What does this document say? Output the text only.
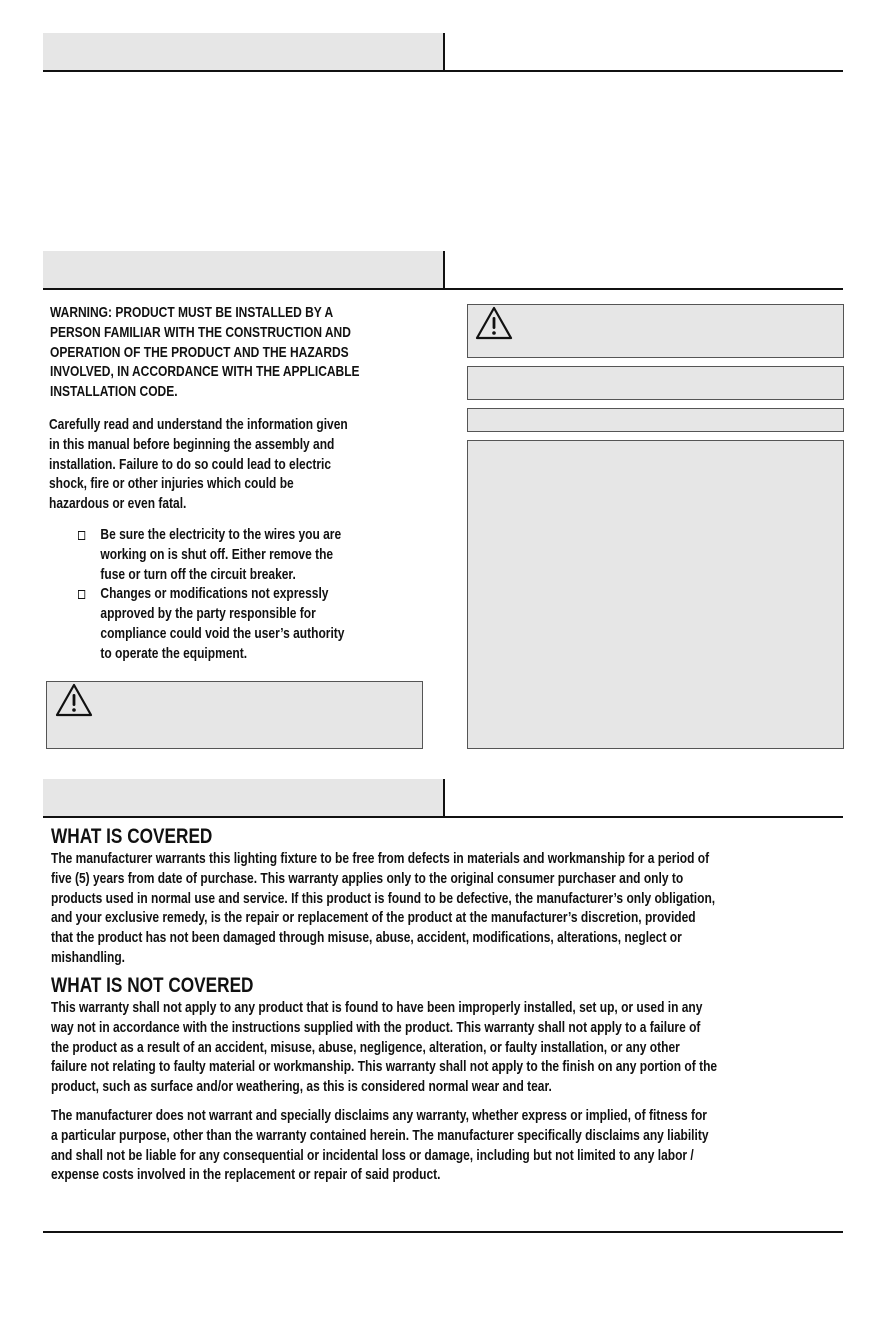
WARNING: PRODUCT MUST BE INSTALLED BY A

PERSON FAMILIAR WITH THE CONSTRUCTION AND

OPERATION OF THE PRODUCT AND THE HAZARDS

INVOLVED, IN ACCORDANCE WITH THE APPLICABLE

INSTALLATION CODE.

Carefully read and understand the information given

in this manual before beginning the assembly and

installation. Failure to do so could lead to electric

shock, fire or other injuries which could be

hazardous or even fatal.

Be sure the electricity to the wires you are
working on is shut off. Either remove the
fuse or turn off the circuit breaker.
Changes or modifications not expressly
approved by the party responsible for
compliance could void the user’s authority
to operate the equipment.
WHAT IS COVERED
The manufacturer warrants this lighting fixture to be free from defects in materials and workmanship for a period of
five (5) years from date of purchase. This warranty applies only to the original consumer purchaser and only to
products used in normal use and service. If this product is found to be defective, the manufacturer’s only obligation,
and your exclusive remedy, is the repair or replacement of the product at the manufacturer’s discretion, provided
that the product has not been damaged through misuse, abuse, accident, modifications, alterations, neglect or
mishandling.
WHAT IS NOT COVERED
This warranty shall not apply to any product that is found to have been improperly installed, set up, or used in any
way not in accordance with the instructions supplied with the product. This warranty shall not apply to a failure of
the product as a result of an accident, misuse, abuse, negligence, alteration, or faulty installation, or any other
failure not relating to faulty material or workmanship. This warranty shall not apply to the finish on any portion of the
product, such as surface and/or weathering, as this is considered normal wear and tear.
The manufacturer does not warrant and specially disclaims any warranty, whether express or implied, of fitness for
a particular purpose, other than the warranty contained herein. The manufacturer specifically disclaims any liability
and shall not be liable for any consequential or incidental loss or damage, including but not limited to any labor /
expense costs involved in the replacement or repair of said product.
